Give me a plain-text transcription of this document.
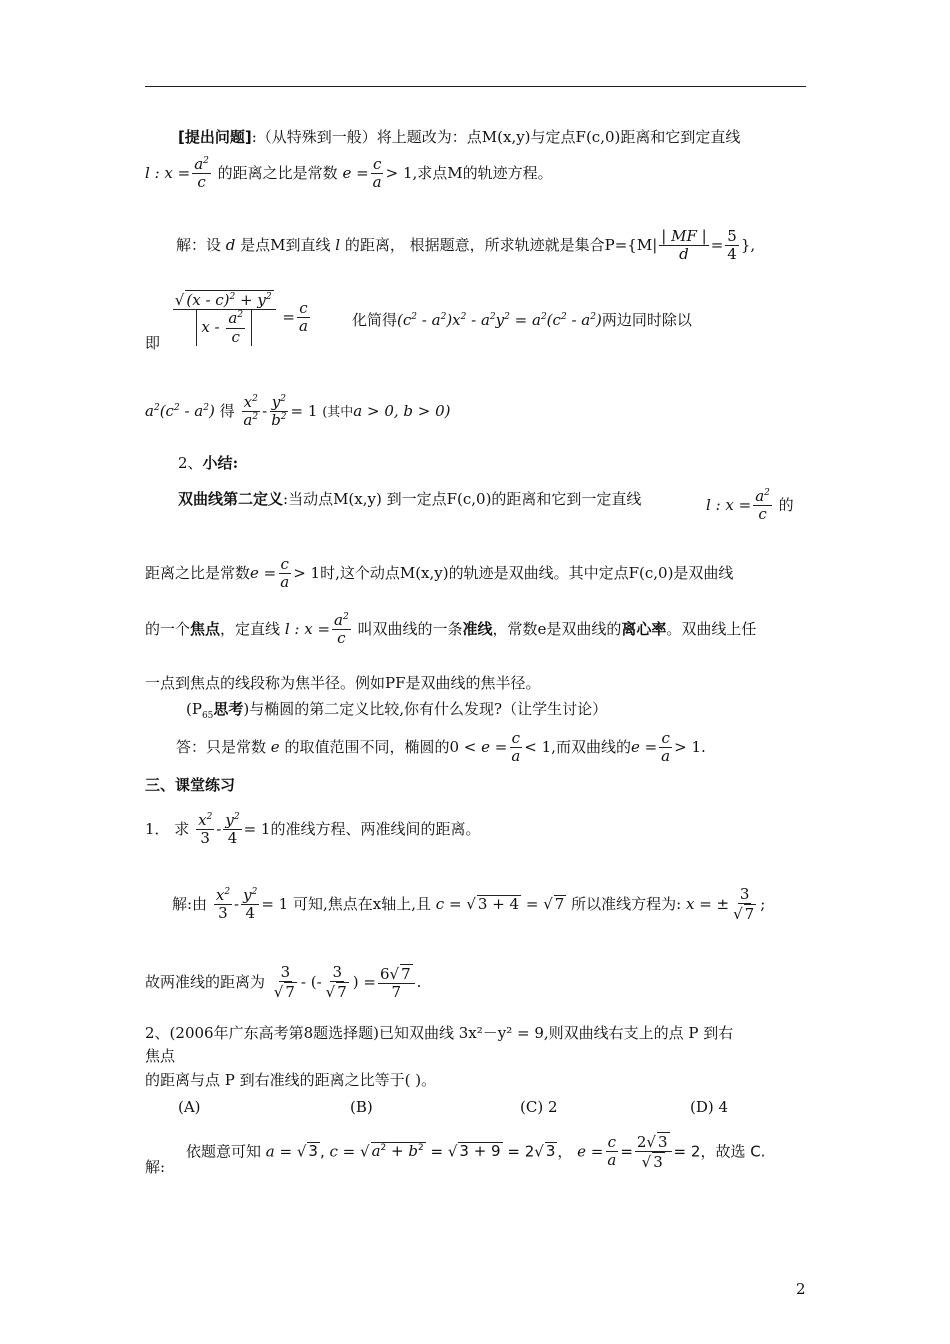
[提出问题]:（从特殊到一般）将上题改为：点M(x,y)与定点F(c,0)距离和它到定直线
l : $x = \frac{a^2}{c}$ 的距离之比是常数 $e = \frac{c}{a} > 1$,求点M的轨迹方程。
解：设 d 是点M到直线 l 的距离， 根据题意，所求轨迹就是集合$P=\{M| \frac{| MF |}{d} = \frac{5}{4}$ },
即 $\frac{√ (x - c)^2 + y^2}{x - \frac{a^2}{c}} = \frac{c}{a}$	化简得$(c^2 - a^2)x^2 - a^2y^2 = a^2(c^2 - a^2)$两边同时除以
$a^2(c^2 - a^2)$ 得 $\frac{x^2}{a^2} - \frac{y^2}{b^2} = 1$ (其中a > 0, b > 0)
2、小结:
双曲线第二定义:当动点M(x,y) 到一定点F(c,0)的距离和它到一定直线	l : $x = \frac{a^2}{c}$ 的
距离之比是常数$e = \frac{c}{a} > 1$时,这个动点M(x,y)的轨迹是双曲线。其中定点F(c,0)是双曲线
的一个焦点，定直线 l : $x = \frac{a^2}{c}$ 叫双曲线的一条准线，常数e是双曲线的离心率。双曲线上任
一点到焦点的线段称为焦半径。例如PF是双曲线的焦半径。
($P_{65}$思考)与椭圆的第二定义比较,你有什么发现?（让学生讨论）
答：只是常数 e 的取值范围不同，椭圆的$0 < e = \frac{c}{a} < 1$,而双曲线的$e = \frac{c}{a} > 1$.
三、课堂练习
1． 求 $\frac{x^2}{3} - \frac{y^2}{4} = 1$的准线方程、两准线间的距离。
解:由 $\frac{x^2}{3} - \frac{y^2}{4} = 1$ 可知,焦点在x轴上,且 c = √ 3 + 4 = √ 7 所以准线方程为: x = ± $\frac{3}{√ 7}$ ;
故两准线的距离为 $\frac{3}{√ 7}$ - (- $\frac{3}{√ 7}$ ) = $\frac{6√ 7}{7}$ .
2、(2006年广东高考第8题选择题)已知双曲线 3x²－y² = 9,则双曲线右支上的点 P 到右
焦点
的距离与点 P 到右准线的距离之比等于( )。
(A)	(B)	(C) 2	(D) 4
依题意可知 a = √ 3 , c = √ $a^2 + b^2$ = √ 3 + 9 = 2√ 3 ， $e = \frac{c}{a} = \frac{2√ 3}{√ 3} = 2$，故选 C.
解:
2
